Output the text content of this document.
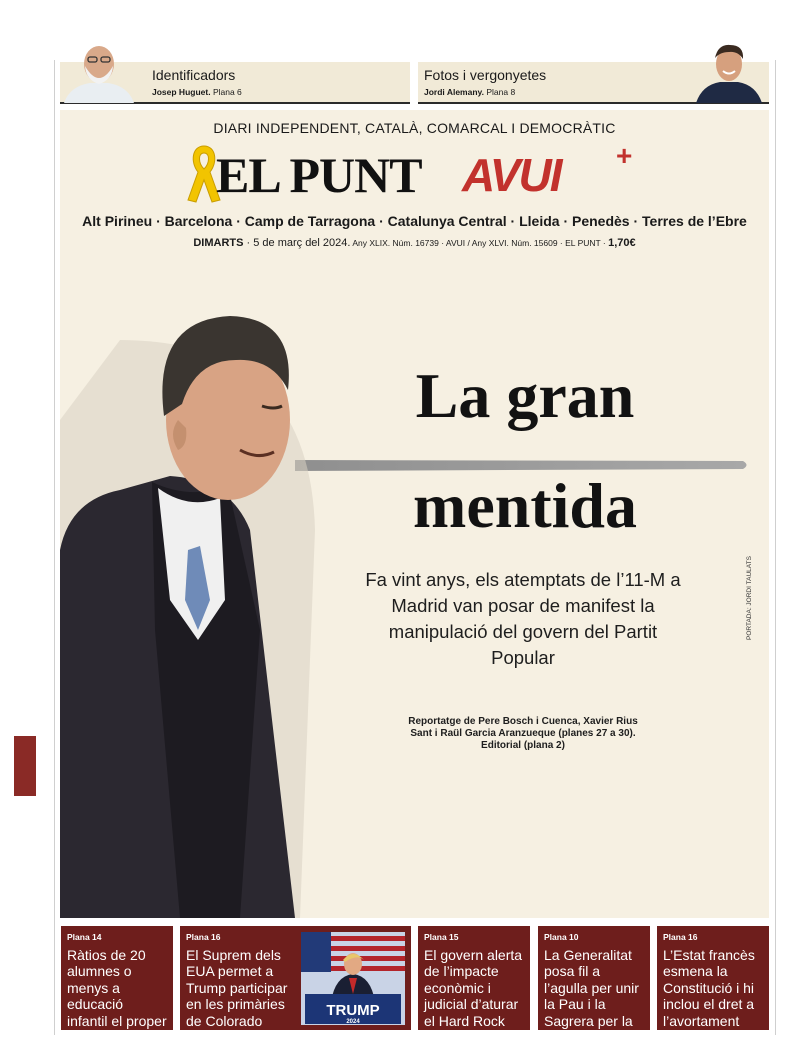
Identificadors
Josep Huguet. Plana 6
Fotos i vergonyetes
Jordi Alemany. Plana 8
DIARI INDEPENDENT, CATALÀ, COMARCAL I DEMOCRÀTIC
EL PUNT AVUI +
Alt Pirineu · Barcelona · Camp de Tarragona · Catalunya Central · Lleida · Penedès · Terres de l’Ebre
DIMARTS · 5 de març del 2024. Any XLIX. Núm. 16739 · AVUI / Any XLVI. Núm. 15609 · EL PUNT · 1,70€
La gran
mentida
Fa vint anys, els atemptats de l’11-M a Madrid van posar de manifest la manipulació del govern del Partit Popular
Reportatge de Pere Bosch i Cuenca, Xavier Rius
Sant i Raül Garcia Aranzueque (planes 27 a 30).
Editorial (plana 2)
PORTADA: JORDI TAULATS
Plana 14
Ràtios de 20 alumnes o menys a educació infantil el proper curs
Plana 16
El Suprem dels EUA permet a Trump participar en les primàries de Colorado
TRUMP
2024
Plana 15
El govern alerta de l’impacte econòmic i judicial d’aturar el Hard Rock
Plana 10
La Generalitat posa fil a l’agulla per unir la Pau i la Sagrera per la L-4 del metro
Plana 16
L’Estat francès esmena la Constitució i hi inclou el dret a l’avortament
